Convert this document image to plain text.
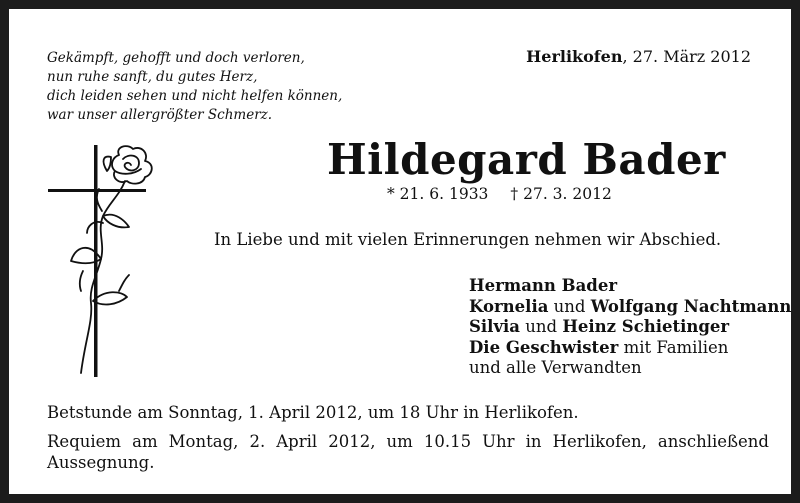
Gekämpft, gehofft und doch verloren,
nun ruhe sanft, du gutes Herz,
dich leiden sehen und nicht helfen können,
war unser allergrößter Schmerz.
Herlikofen, 27. März 2012
Hildegard Bader
* 21. 6. 1933 † 27. 3. 2012
In Liebe und mit vielen Erinnerungen nehmen wir Abschied.
Hermann Bader
Kornelia und Wolfgang Nachtmann
Silvia und Heinz Schietinger
Die Geschwister mit Familien
und alle Verwandten
Betstunde am Sonntag, 1. April 2012, um 18 Uhr in Herlikofen.
Requiem am Montag, 2. April 2012, um 10.15 Uhr in Herlikofen, anschließend Aussegnung.
